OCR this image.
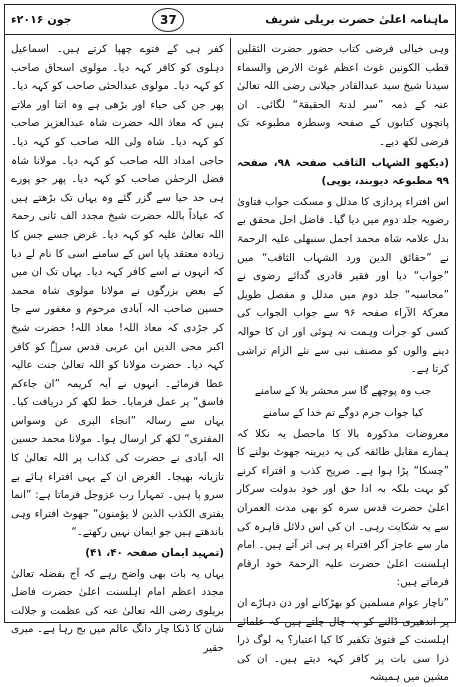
ماہنامہ اعلیٰ حضرت بریلی شریف
37
جون ۲۰۱۶ء

وہی خیالی فرضی کتاب حضور حضرت الثقلین قطب الکونین غوث اعظم غوث الارض والسماء سیدنا شیخ سید عبدالقادر جیلانی رضی اللہ تعالیٰ عنہ کے ذمہ ”سر لدنۃ الحقیقۃ“ لگائی۔ ان پانچوں کتابوں کے صفحہ وسطرہ مطبوعہ تک فرضی لکھ دیے۔

(دیکھو الشہاب الثاقب صفحہ ۹۸، صفحہ ۹۹ مطبوعہ دیوبند، یوپی)

اس افتراء پردازی کا مدلل و مسکت جواب فتاویٰ رضویہ جلد دوم میں دیا گیا۔ فاضل اجل محقق بے بدل علامہ شاہ محمد اجمل سنبھلی علیہ الرحمۃ نے ”حقائق الدین ورد الشہاب الثاقب“ میں ”جواب“ دیا اور فقیر قادری گدائے رضوی نے ”محاسبہ“ جلد دوم میں مدلل و مفصل طویل معرکۃ الآراء صفحہ ۹۶ سے جواب الجواب کی کسی کو جرأت وہمت نہ ہوئی اور ان کا حوالہ دینے والوں کو مصنف نبی سے نئے الزام تراشی کرتا ہے۔

جب وہ پوچھے گا سر محشر بلا کے سامنے

کیا جواب جرم دوگے تم خدا کے سامنے

معروضات مذکورہ بالا کا ماحصل یہ نکلا کہ ہمارے مقابل طائفہ کی یہ دیرینہ جھوٹ بولنے کا ”چسکا“ پڑا ہوا ہے۔ صریح کذب و افتراء کرنے کو بہت بلکہ بہ ادا حق اور خود بدولت سرکار اعلیٰ حضرت قدس سرہ کو بھی مدت العمران سے یہ شکایت رہی۔ ان کی اس دلائل قاہرہ کی مار سے عاجز آکر افتراء پر ہی اتر آتے ہیں۔ امام اہلسنت اعلیٰ حضرت علیہ الرحمۃ خود ارقام فرماتے ہیں:

”ناچار عوام مسلمین کو بھڑکانے اور دن دہاڑے ان پر اندھیری ڈالنے کو یہ چال چلتے ہیں کہ علمائے اہلسنت کے فتویٰ تکفیر کا کیا اعتبار؟ یہ لوگ ذرا ذرا سی بات پر کافر کہہ دیتے ہیں۔ ان کی مشین میں ہمیشہ

کفر ہی کے فتوے چھپا کرتے ہیں۔ اسماعیل دہلوی کو کافر کہہ دیا۔ مولوی اسحاق صاحب کو کہہ دیا۔ مولوی عبدالحئی صاحب کو کہہ دیا۔ پھر جن کی حیاء اور بڑھی ہے وہ اتنا اور ملاتے ہیں کہ معاذ اللہ حضرت شاہ عبدالعزیز صاحب کو کہہ دیا۔ شاہ ولی اللہ صاحب کو کہہ دیا۔ حاجی امداد اللہ صاحب کو کہہ دیا۔ مولانا شاہ فضل الرحمٰن صاحب کو کہہ دیا۔ پھر جو پورے ہی حد حیا سے گزر گئے وہ یہاں تک بڑھتے ہیں کہ عیاذاً باللہ حضرت شیخ مجدد الف ثانی رحمۃ اللہ تعالیٰ علیہ کو کہہ دیا۔ غرض جسے جس کا زیادہ معتقد پایا اس کے سامنے اسی کا نام لے دیا کہ انہوں نے اسے کافر کہہ دیا۔ یہاں تک ان میں کے بعض بزرگوں نے مولانا مولوی شاہ محمد حسین صاحب الہ آبادی مرحوم و مغفور سے جا کر جڑدی کہ معاذ اللہ! معاذ اللہ! حضرت شیخ اکبر محی الدین ابن عربی قدس سرہٗ کو کافر کہہ دیا۔ حضرت مولانا کو اللہ تعالیٰ جنت عالیہ عطا فرمائے۔ انہوں نے آیہ کریمہ ”ان جاءکم فاسق“ پر عمل فرمایا۔ خط لکھ کر دریافت کیا۔ یہاں سے رسالہ ”انجاء البری عن وسواس المفتری“ لکھ کر ارسال ہوا۔ مولانا محمد حسین الہ آبادی نے حضرت کی کذاب پر اللہ تعالیٰ کا تازیانہ بھیجا۔ الغرض ان کے یہی افتراء ہائے بے سرو پا ہیں۔ تمہارا رب عزوجل فرماتا ہے: ”انما یفتری الکذب الذین لا یؤمنون“ جھوٹ افتراء وہی باندھتے ہیں جو ایمان نہیں رکھتے۔“

(تمہید ایمان صفحہ ۴۰، ۴۱)

یہاں یہ بات بھی واضح رہے کہ آج بفضلہ تعالیٰ مجدد اعظم امام اہلسنت اعلیٰ حضرت فاضل بریلوی رضی اللہ تعالیٰ عنہ کی عظمت و جلالت شان کا ڈنکا چار دانگ عالم میں بج رہا ہے۔ میری حقیر
